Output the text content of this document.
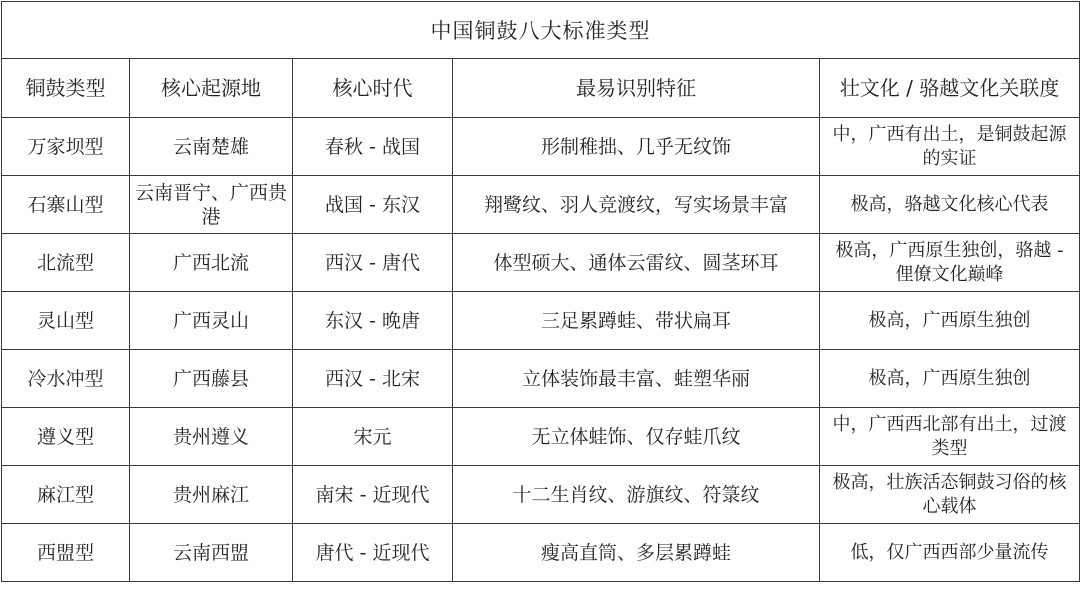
中国铜鼓八大标准类型				
铜鼓类型	核心起源地	核心时代	最易识别特征	壮文化 / 骆越文化关联度
万家坝型	云南楚雄	春秋 - 战国	形制稚拙、几乎无纹饰	中，广西有出土，是铜鼓起源的实证
石寨山型	云南晋宁、广西贵港	战国 - 东汉	翔鹭纹、羽人竞渡纹，写实场景丰富	极高，骆越文化核心代表
北流型	广西北流	西汉 - 唐代	体型硕大、通体云雷纹、圆茎环耳	极高，广西原生独创，骆越 - 俚僚文化巅峰
灵山型	广西灵山	东汉 - 晚唐	三足累蹲蛙、带状扁耳	极高，广西原生独创
冷水冲型	广西藤县	西汉 - 北宋	立体装饰最丰富、蛙塑华丽	极高，广西原生独创
遵义型	贵州遵义	宋元	无立体蛙饰、仅存蛙爪纹	中，广西西北部有出土，过渡类型
麻江型	贵州麻江	南宋 - 近现代	十二生肖纹、游旗纹、符箓纹	极高，壮族活态铜鼓习俗的核心载体
西盟型	云南西盟	唐代 - 近现代	瘦高直筒、多层累蹲蛙	低，仅广西西部少量流传
